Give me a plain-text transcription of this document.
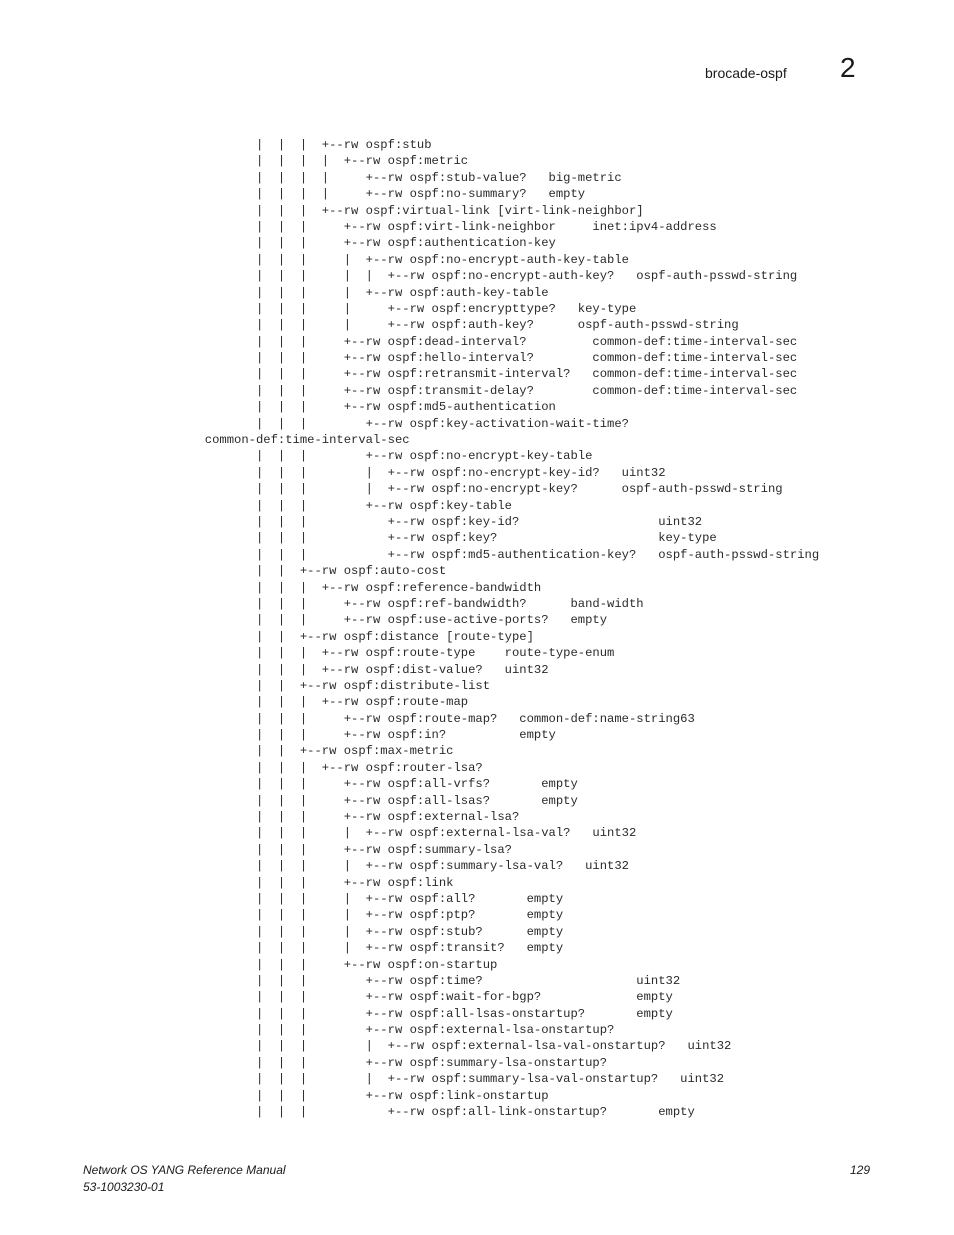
brocade-ospf 2
|  |  |  +--rw ospf:stub
|  |  |  |  +--rw ospf:metric
|  |  |  |     +--rw ospf:stub-value?   big-metric
|  |  |  |     +--rw ospf:no-summary?   empty
|  |  |  +--rw ospf:virtual-link [virt-link-neighbor]
|  |  |     +--rw ospf:virt-link-neighbor     inet:ipv4-address
|  |  |     +--rw ospf:authentication-key
|  |  |     |  +--rw ospf:no-encrypt-auth-key-table
|  |  |     |  |  +--rw ospf:no-encrypt-auth-key?   ospf-auth-psswd-string
|  |  |     |  +--rw ospf:auth-key-table
|  |  |     |     +--rw ospf:encrypttype?   key-type
|  |  |     |     +--rw ospf:auth-key?      ospf-auth-psswd-string
|  |  |     +--rw ospf:dead-interval?         common-def:time-interval-sec
|  |  |     +--rw ospf:hello-interval?        common-def:time-interval-sec
|  |  |     +--rw ospf:retransmit-interval?   common-def:time-interval-sec
|  |  |     +--rw ospf:transmit-delay?        common-def:time-interval-sec
|  |  |     +--rw ospf:md5-authentication
|  |  |        +--rw ospf:key-activation-wait-time?
common-def:time-interval-sec
|  |  |        +--rw ospf:no-encrypt-key-table
|  |  |        |  +--rw ospf:no-encrypt-key-id?   uint32
|  |  |        |  +--rw ospf:no-encrypt-key?      ospf-auth-psswd-string
|  |  |        +--rw ospf:key-table
|  |  |           +--rw ospf:key-id?                   uint32
|  |  |           +--rw ospf:key?                      key-type
|  |  |           +--rw ospf:md5-authentication-key?   ospf-auth-psswd-string
|  |  +--rw ospf:auto-cost
|  |  |  +--rw ospf:reference-bandwidth
|  |  |     +--rw ospf:ref-bandwidth?      band-width
|  |  |     +--rw ospf:use-active-ports?   empty
|  |  +--rw ospf:distance [route-type]
|  |  |  +--rw ospf:route-type    route-type-enum
|  |  |  +--rw ospf:dist-value?   uint32
|  |  +--rw ospf:distribute-list
|  |  |  +--rw ospf:route-map
|  |  |     +--rw ospf:route-map?   common-def:name-string63
|  |  |     +--rw ospf:in?          empty
|  |  +--rw ospf:max-metric
|  |  |  +--rw ospf:router-lsa?
|  |  |     +--rw ospf:all-vrfs?       empty
|  |  |     +--rw ospf:all-lsas?       empty
|  |  |     +--rw ospf:external-lsa?
|  |  |     |  +--rw ospf:external-lsa-val?   uint32
|  |  |     +--rw ospf:summary-lsa?
|  |  |     |  +--rw ospf:summary-lsa-val?   uint32
|  |  |     +--rw ospf:link
|  |  |     |  +--rw ospf:all?       empty
|  |  |     |  +--rw ospf:ptp?       empty
|  |  |     |  +--rw ospf:stub?      empty
|  |  |     |  +--rw ospf:transit?   empty
|  |  |     +--rw ospf:on-startup
|  |  |        +--rw ospf:time?                     uint32
|  |  |        +--rw ospf:wait-for-bgp?             empty
|  |  |        +--rw ospf:all-lsas-onstartup?       empty
|  |  |        +--rw ospf:external-lsa-onstartup?
|  |  |        |  +--rw ospf:external-lsa-val-onstartup?   uint32
|  |  |        +--rw ospf:summary-lsa-onstartup?
|  |  |        |  +--rw ospf:summary-lsa-val-onstartup?   uint32
|  |  |        +--rw ospf:link-onstartup
|  |  |           +--rw ospf:all-link-onstartup?       empty
Network OS YANG Reference Manual
53-1003230-01
129
